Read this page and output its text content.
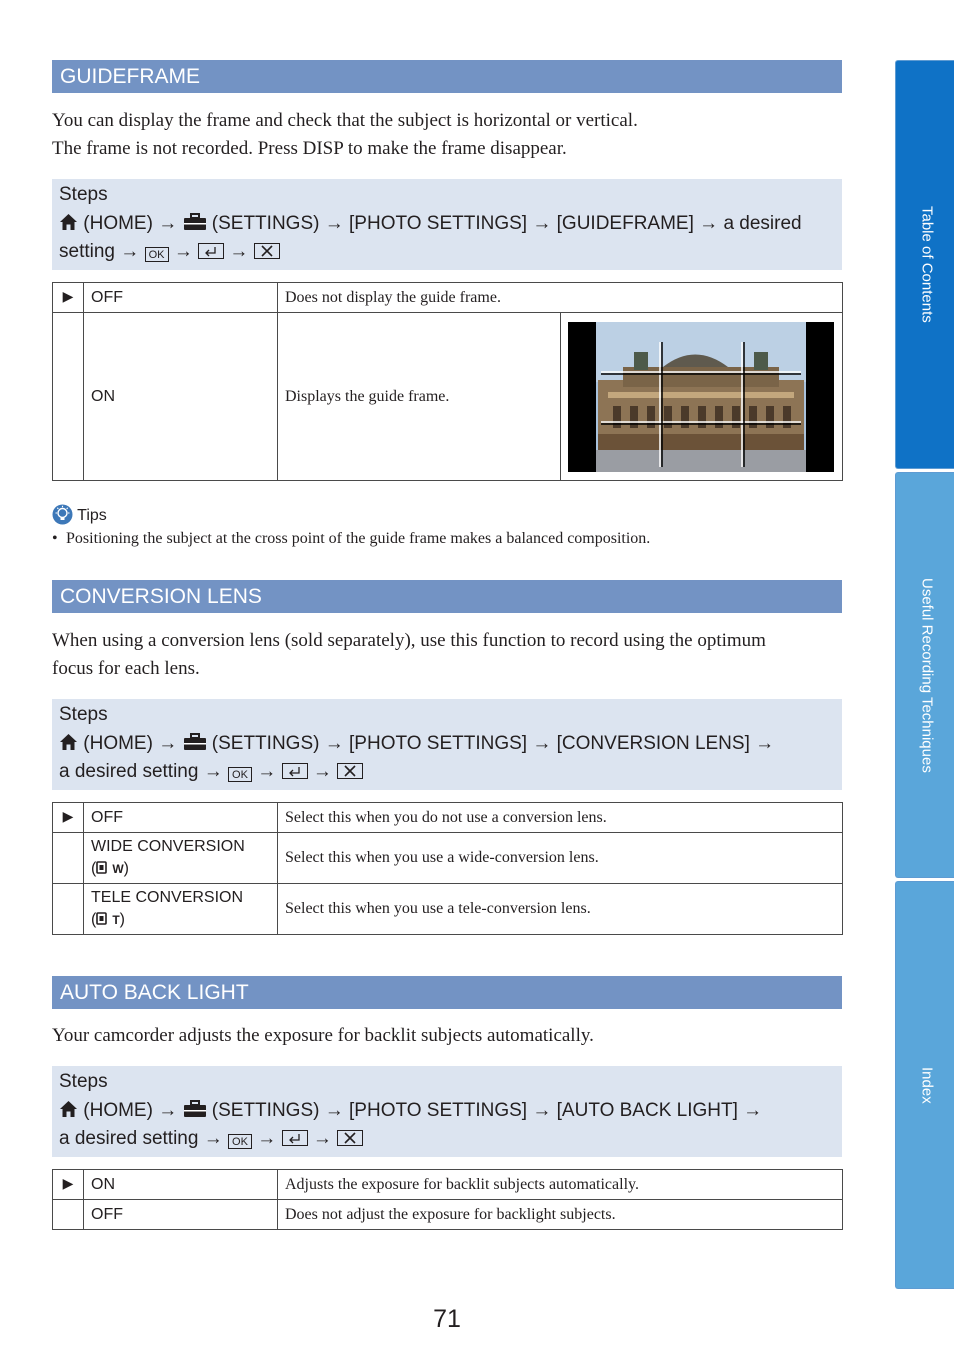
GUIDEFRAME

You can display the frame and check that the subject is horizontal or vertical.

The frame is not recorded. Press DISP to make the frame disappear.

Steps
(HOME) → (SETTINGS) → [PHOTO SETTINGS] → [GUIDEFRAME] → a desired
setting → OK → →
▶	OFF	Does not display the guide frame.	
	ON	Displays the guide frame.	
Tips
• Positioning the subject at the cross point of the guide frame makes a balanced composition.
CONVERSION LENS

When using a conversion lens (sold separately), use this function to record using the optimum

focus for each lens.

Steps
(HOME) → (SETTINGS) → [PHOTO SETTINGS] → [CONVERSION LENS] →
a desired setting → OK → →
▶	OFF	Select this when you do not use a conversion lens.

	WIDE CONVERSION
( W)	Select this when you use a wide-conversion lens.

	TELE CONVERSION
( T)	Select this when you use a tele-conversion lens.
AUTO BACK LIGHT

Your camcorder adjusts the exposure for backlit subjects automatically.

Steps
(HOME) → (SETTINGS) → [PHOTO SETTINGS] → [AUTO BACK LIGHT] →
a desired setting → OK → →
▶	ON	Adjusts the exposure for backlit subjects automatically.
	OFF	Does not adjust the exposure for backlight subjects.
Table of Contents
Useful Recording Techniques
Index
71
